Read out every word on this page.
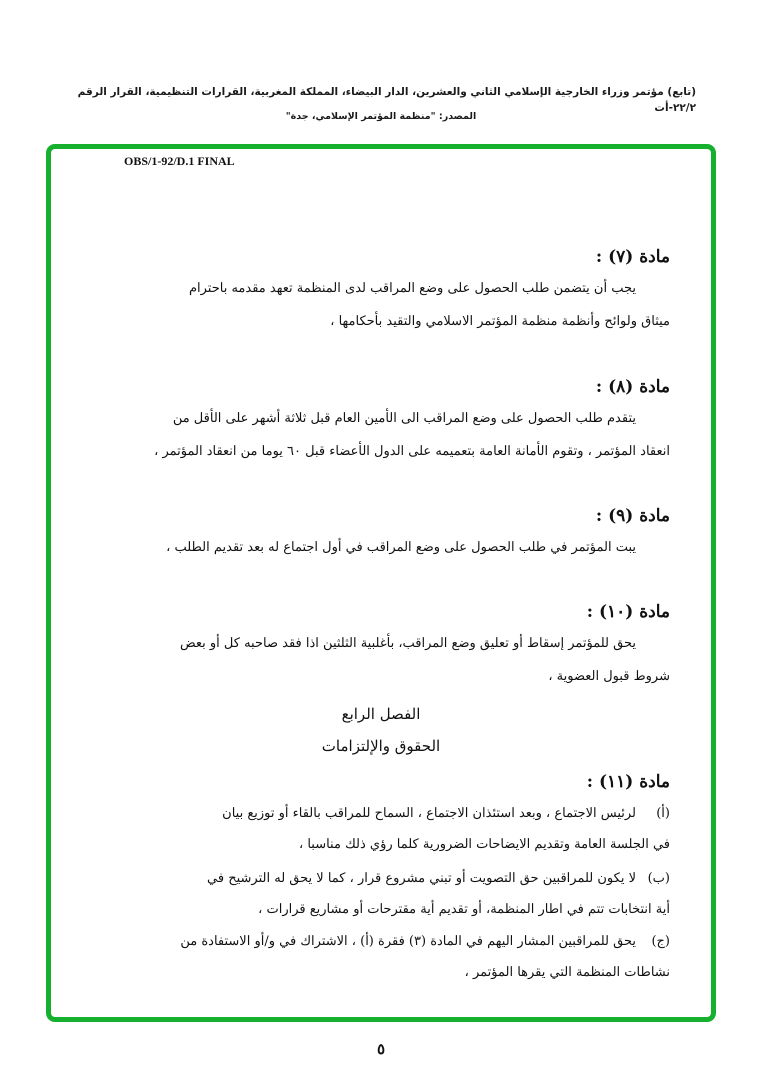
(تابع) مؤتمر وزراء الخارجية الإسلامي الثاني والعشرين، الدار البيضاء، المملكة المغربية، القرارات التنظيمية، القرار الرقم ٢٢/٢-أت
المصدر: "منظمة المؤتمر الإسلامي، جدة"
OBS/1-92/D.1 FINAL
مادة (٧) :
يجب أن يتضمن طلب الحصول على وضع المراقب لدى المنظمة تعهد مقدمه باحترام
ميثاق ولوائح وأنظمة منظمة المؤتمر الاسلامي والتقيد بأحكامها ،
مادة (٨) :
يتقدم طلب الحصول على وضع المراقب الى الأمين العام قبل ثلاثة أشهر على الأقل من
انعقاد المؤتمر ، وتقوم الأمانة العامة بتعميمه على الدول الأعضاء قبل ٦٠ يوما من انعقاد المؤتمر ،
مادة (٩) :
يبت المؤتمر في طلب الحصول على وضع المراقب في أول اجتماع له بعد تقديم الطلب ،
مادة (١٠) :
يحق للمؤتمر إسقاط أو تعليق وضع المراقب، بأغلبية الثلثين اذا فقد صاحبه كل أو بعض
شروط قبول العضوية ،
الفصل الرابع
الحقوق والإلتزامات
مادة (١١) :
(أ)
لرئيس الاجتماع ، وبعد استئذان الاجتماع ، السماح للمراقب بالقاء أو توزيع بيان
في الجلسة العامة وتقديم الايضاحات الضرورية كلما رؤي ذلك مناسبا ،
(ب)
لا يكون للمراقبين حق التصويت أو تبني مشروع قرار ، كما لا يحق له الترشيح في
أية انتخابات تتم في اطار المنظمة، أو تقديم أية مقترحات أو مشاريع قرارات ،
(ج)
يحق للمراقبين المشار اليهم في المادة (٣) فقرة (أ) ، الاشتراك في و/أو الاستفادة من
نشاطات المنظمة التي يقرها المؤتمر ،
٥
